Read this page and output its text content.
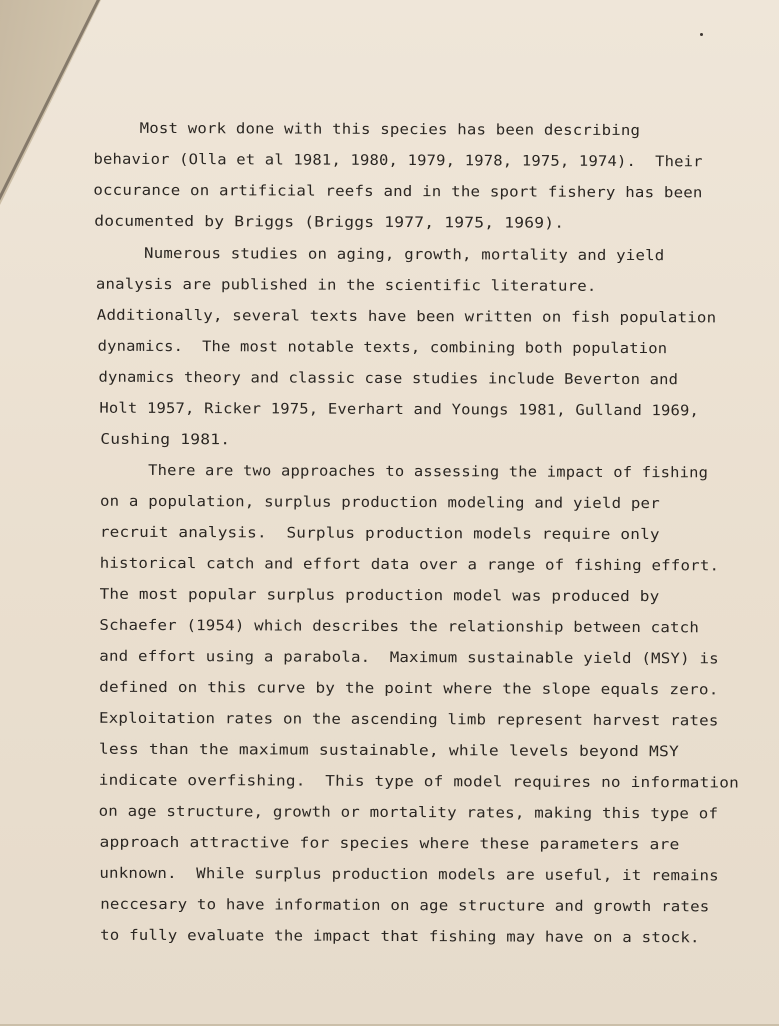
Most work done with this species has been describing
behavior (Olla et al 1981, 1980, 1979, 1978, 1975, 1974).  Their
occurance on artificial reefs and in the sport fishery has been
documented by Briggs (Briggs 1977, 1975, 1969).
Numerous studies on aging, growth, mortality and yield
analysis are published in the scientific literature.
Additionally, several texts have been written on fish population
dynamics.  The most notable texts, combining both population
dynamics theory and classic case studies include Beverton and
Holt 1957, Ricker 1975, Everhart and Youngs 1981, Gulland 1969,
Cushing 1981.
There are two approaches to assessing the impact of fishing
on a population, surplus production modeling and yield per
recruit analysis.  Surplus production models require only
historical catch and effort data over a range of fishing effort.
The most popular surplus production model was produced by
Schaefer (1954) which describes the relationship between catch
and effort using a parabola.  Maximum sustainable yield (MSY) is
defined on this curve by the point where the slope equals zero.
Exploitation rates on the ascending limb represent harvest rates
less than the maximum sustainable, while levels beyond MSY
indicate overfishing.  This type of model requires no information
on age structure, growth or mortality rates, making this type of
approach attractive for species where these parameters are
unknown.  While surplus production models are useful, it remains
neccesary to have information on age structure and growth rates
to fully evaluate the impact that fishing may have on a stock.
